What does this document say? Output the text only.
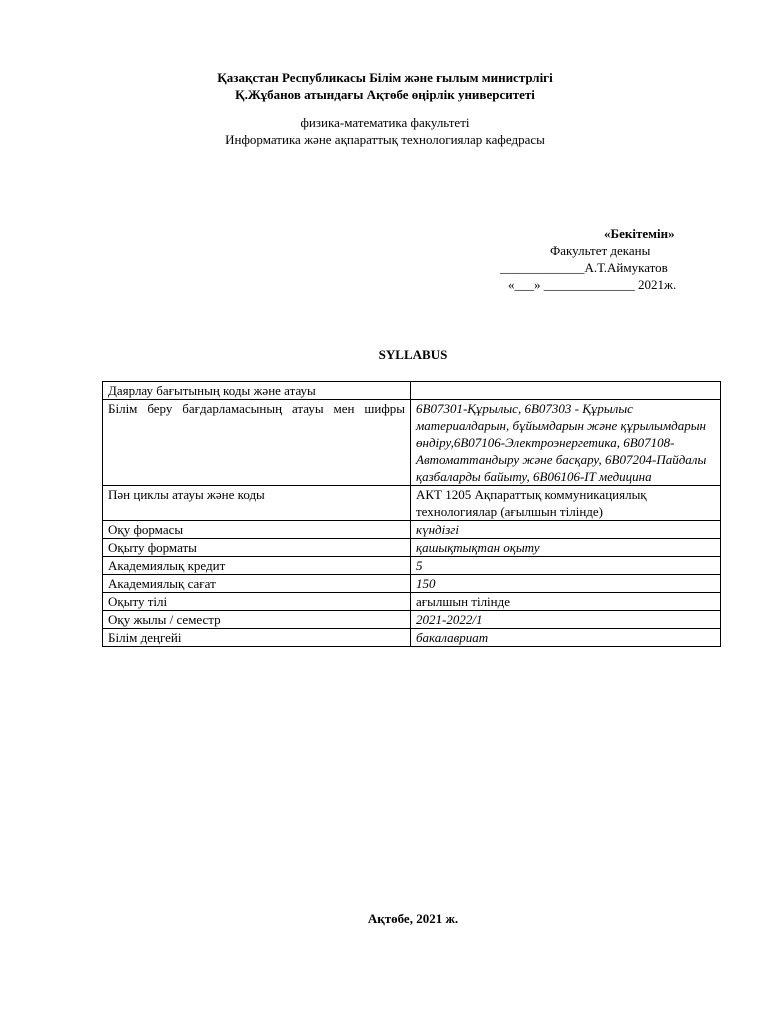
Қазақстан Республикасы Білім және ғылым министрлігі
Қ.Жұбанов атындағы Ақтөбе өңірлік университеті
физика-математика факультеті
Информатика және ақпараттық технологиялар кафедрасы
«Бекітемін»
Факультет деканы
_____________А.Т.Аймукатов
«___» ______________ 2021ж.
SYLLABUS
Даярлау бағытының коды және атауы	
Білім беру бағдарламасының атауы мен шифры	6B07301-Құрылыс, 6B07303 - Құрылыс материалдарын, бұйымдарын және құрылымдарын өндіру,6B07106-Электроэнергетика, 6B07108-Автоматтандыру және басқару, 6B07204-Пайдалы қазбаларды байыту, 6B06106-IT медицина
Пән циклы атауы және коды	АКТ 1205 Ақпараттық коммуникациялық технологиялар (ағылшын тілінде)
Оқу формасы	күндізгі
Оқыту форматы	қашықтықтан оқыту
Академиялық кредит	5
Академиялық сағат	150
Оқыту тілі	ағылшын тілінде
Оқу жылы / семестр	2021-2022/1
Білім деңгейі	бакалавриат
Ақтөбе, 2021 ж.
